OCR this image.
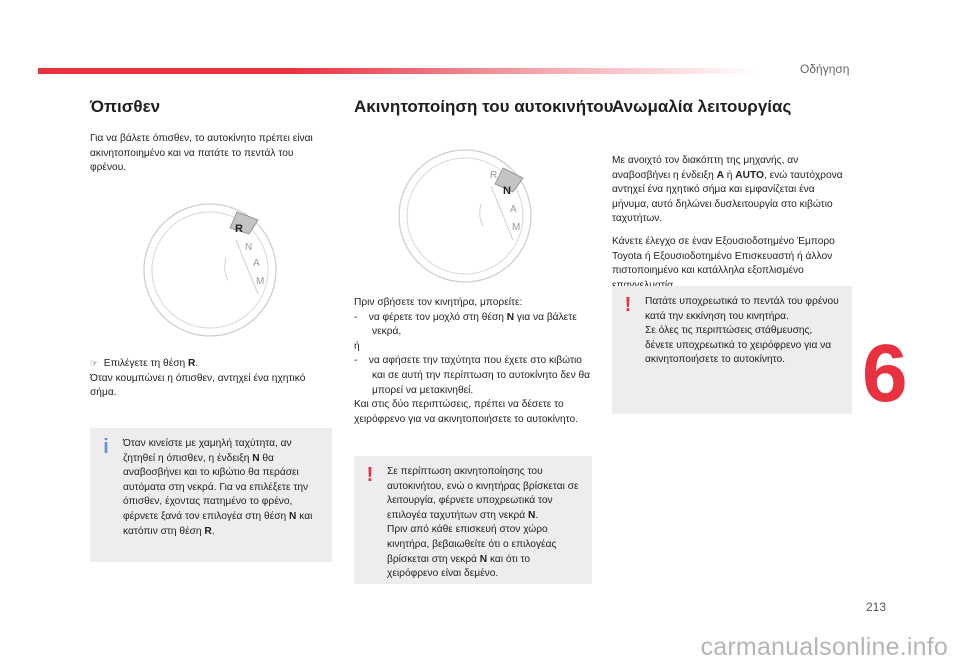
Οδήγηση
6
213
Όπισθεν

Για να βάλετε όπισθεν, το αυτοκίνητο πρέπει είναι ακινητοποιημένο και να πατάτε το πεντάλ του φρένου.

R
N
A
M

☞ Επιλέγετε τη θέση R.

Όταν κουμπώνει η όπισθεν, αντηχεί ένα ηχητικό σήμα.

i	Όταν κινείστε με χαμηλή ταχύτητα, αν ζητηθεί η όπισθεν, η ένδειξη N θα αναβοσβήνει και το κιβώτιο θα περάσει αυτόματα στη νεκρά. Για να επιλέξετε την όπισθεν, έχοντας πατημένο το φρένο, φέρνετε ξανά τον επιλογέα στη θέση N και κατόπιν στη θέση R.

Ακινητοποίηση του αυτοκινήτου

Πριν σβήσετε τον κινητήρα, μπορείτε:

-    να φέρετε τον μοχλό στη θέση N για να βάλετε νεκρά,

ή

-    να αφήσετε την ταχύτητα που έχετε στο κιβώτιο και σε αυτή την περίπτωση το αυτοκίνητο δεν θα μπορεί να μετακινηθεί.

Και στις δύο περιπτώσεις, πρέπει να δέσετε το χειρόφρενο για να ακινητοποιήσετε το αυτοκίνητο.

R
N
A
M
!	Σε περίπτωση ακινητοποίησης του αυτοκινήτου, ενώ ο κινητήρας βρίσκεται σε λειτουργία, φέρνετε υποχρεωτικά τον επιλογέα ταχυτήτων στη νεκρά N.

Πριν από κάθε επισκευή στον χώρο κινητήρα, βεβαιωθείτε ότι ο επιλογέας βρίσκεται στη νεκρά N και ότι το χειρόφρενο είναι δεμένο.

Ανωμαλία λειτουργίας

Με ανοιχτό τον διακόπτη της μηχανής, αν αναβοσβήνει η ένδειξη A ή AUTO, ενώ ταυτόχρονα αντηχεί ένα ηχητικό σήμα και εμφανίζεται ένα μήνυμα, αυτό δηλώνει δυσλειτουργία στο κιβώτιο ταχυτήτων.

Κάνετε έλεγχο σε έναν Εξουσιοδοτημένο Έμπορο Toyota ή Εξουσιοδοτημένο Επισκευαστή ή άλλον πιστοποιημένο και κατάλληλα εξοπλισμένο

!	Πατάτε υποχρεωτικά το πεντάλ του φρένου κατά την εκκίνηση του κινητήρα.

Σε όλες τις περιπτώσεις στάθμευσης, δένετε υποχρεωτικά το χειρόφρενο για να ακινητοποιήσετε το αυτοκίνητο.

carmanualsonline.info
